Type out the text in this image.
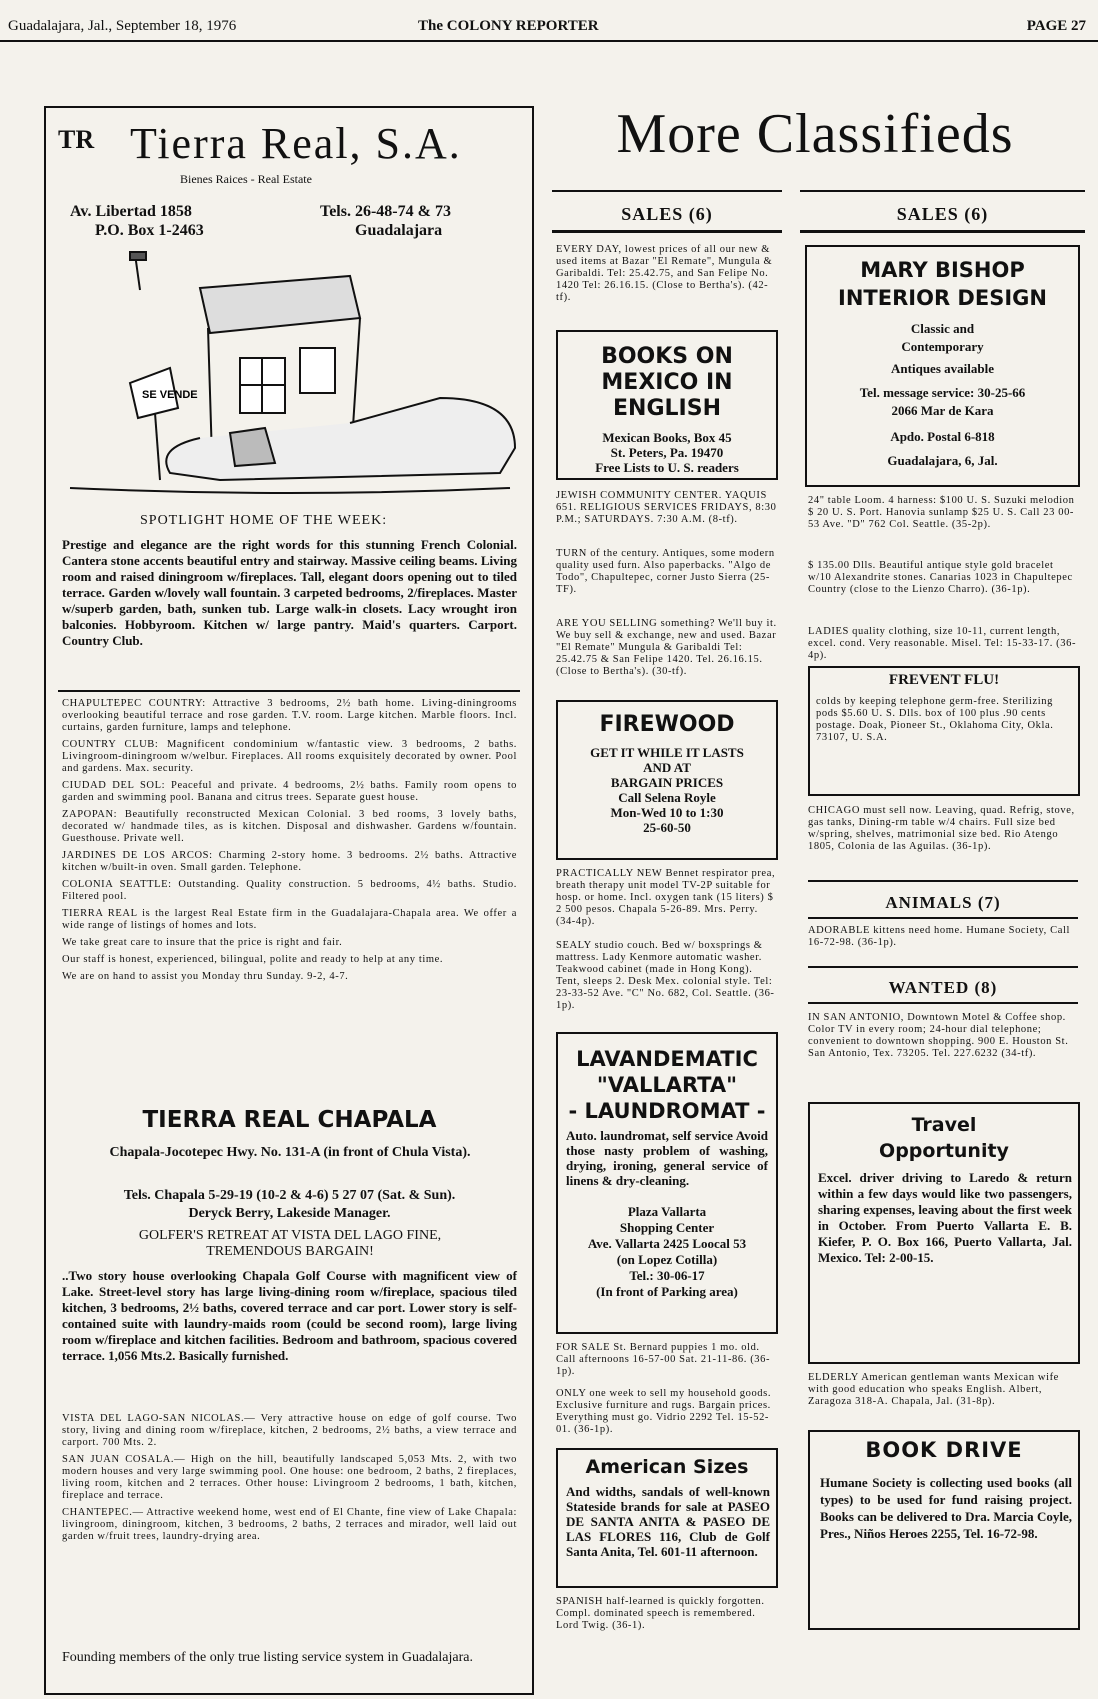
Guadalajara, Jal., September 18, 1976	The COLONY REPORTER	PAGE 27
TR Tierra Real, S.A.
Bienes Raices - Real Estate
Av. Libertad 1858
P.O. Box 1-2463
Tels. 26-48-74 & 73
Guadalajara
SE VENDE
SPOTLIGHT HOME OF THE WEEK:
Prestige and elegance are the right words for this stunning French Colonial. Cantera stone accents beautiful entry and stairway. Massive ceiling beams. Living room and raised diningroom w/fireplaces. Tall, elegant doors opening out to tiled terrace. Garden w/lovely wall fountain. 3 carpeted bedrooms, 2/fireplaces. Master w/superb garden, bath, sunken tub. Large walk-in closets. Lacy wrought iron balconies. Hobbyroom. Kitchen w/ large pantry. Maid's quarters. Carport. Country Club.

CHAPULTEPEC COUNTRY: Attractive 3 bedrooms, 2½ bath home. Living-diningrooms overlooking beautiful terrace and rose garden. T.V. room. Large kitchen. Marble floors. Incl. curtains, garden furniture, lamps and telephone.

COUNTRY CLUB: Magnificent condominium w/fantastic view. 3 bedrooms, 2 baths. Livingroom-diningroom w/welbur. Fireplaces. All rooms exquisitely decorated by owner. Pool and gardens. Max. security.

CIUDAD DEL SOL: Peaceful and private. 4 bedrooms, 2½ baths. Family room opens to garden and swimming pool. Banana and citrus trees. Separate guest house.

ZAPOPAN: Beautifully reconstructed Mexican Colonial. 3 bed rooms, 3 lovely baths, decorated w/ handmade tiles, as is kitchen. Disposal and dishwasher. Gardens w/fountain. Guesthouse. Private well.

JARDINES DE LOS ARCOS: Charming 2-story home. 3 bedrooms. 2½ baths. Attractive kitchen w/built-in oven. Small garden. Telephone.

COLONIA SEATTLE: Outstanding. Quality construction. 5 bedrooms, 4½ baths. Studio. Filtered pool.

TIERRA REAL is the largest Real Estate firm in the Guadalajara-Chapala area. We offer a wide range of listings of homes and lots.

We take great care to insure that the price is right and fair.

Our staff is honest, experienced, bilingual, polite and ready to help at any time.

We are on hand to assist you Monday thru Sunday. 9-2, 4-7.

TIERRA REAL CHAPALA
Chapala-Jocotepec Hwy. No. 131-A (in front of Chula Vista).
Tels. Chapala 5-29-19 (10-2 & 4-6) 5 27 07 (Sat. & Sun).
Deryck Berry, Lakeside Manager.
GOLFER'S RETREAT AT VISTA DEL LAGO FINE, TREMENDOUS BARGAIN!
..Two story house overlooking Chapala Golf Course with magnificent view of Lake. Street-level story has large living-dining room w/fireplace, spacious tiled kitchen, 3 bedrooms, 2½ baths, covered terrace and car port. Lower story is self-contained suite with laundry-maids room (could be second room), large living room w/fireplace and kitchen facilities. Bedroom and bathroom, spacious covered terrace. 1,056 Mts.2. Basically furnished.

VISTA DEL LAGO-SAN NICOLAS.— Very attractive house on edge of golf course. Two story, living and dining room w/fireplace, kitchen, 2 bedrooms, 2½ baths, a view terrace and carport. 700 Mts. 2.

SAN JUAN COSALA.— High on the hill, beautifully landscaped 5,053 Mts. 2, with two modern houses and very large swimming pool. One house: one bedroom, 2 baths, 2 fireplaces, living room, kitchen and 2 terraces. Other house: Livingroom 2 bedrooms, 1 bath, kitchen, fireplace and terrace.

CHANTEPEC.— Attractive weekend home, west end of El Chante, fine view of Lake Chapala: livingroom, diningroom, kitchen, 3 bedrooms, 2 baths, 2 terraces and mirador, well laid out garden w/fruit trees, laundry-drying area.

Founding members of the only true listing service system in Guadalajara.
More Classifieds
SALES (6)	SALES (6)
EVERY DAY, lowest prices of all our new & used items at Bazar "El Remate", Mungula & Garibaldi. Tel: 25.42.75, and San Felipe No. 1420 Tel: 26.16.15. (Close to Bertha's). (42-tf).
BOOKS ON MEXICO IN ENGLISH
Mexican Books, Box 45
St. Peters, Pa. 19470
Free Lists to U. S. readers
JEWISH COMMUNITY CENTER. YAQUIS 651. RELIGIOUS SERVICES FRIDAYS, 8:30 P.M.; SATURDAYS. 7:30 A.M. (8-tf).
TURN of the century. Antiques, some modern quality used furn. Also paperbacks. "Algo de Todo", Chapultepec, corner Justo Sierra (25-TF).
ARE YOU SELLING something? We'll buy it. We buy sell & exchange, new and used. Bazar "El Remate" Mungula & Garibaldi Tel: 25.42.75 & San Felipe 1420. Tel. 26.16.15. (Close to Bertha's). (30-tf).
FIREWOOD
GET IT WHILE IT LASTS
AND AT
BARGAIN PRICES
Call Selena Royle
Mon-Wed 10 to 1:30
25-60-50
PRACTICALLY NEW Bennet respirator prea, breath therapy unit model TV-2P suitable for hosp. or home. Incl. oxygen tank (15 liters) $ 2 500 pesos. Chapala 5-26-89. Mrs. Perry. (34-4p).
SEALY studio couch. Bed w/ boxsprings & mattress. Lady Kenmore automatic washer. Teakwood cabinet (made in Hong Kong). Tent, sleeps 2. Desk Mex. colonial style. Tel: 23-33-52 Ave. "C" No. 682, Col. Seattle. (36-1p).
LAVANDEMATIC
"VALLARTA"
- LAUNDROMAT -
Auto. laundromat, self service Avoid those nasty problem of washing, drying, ironing, general service of linens & dry-cleaning.
Plaza Vallarta
Shopping Center
Ave. Vallarta 2425 Loocal 53
(on Lopez Cotilla)
Tel.: 30-06-17
(In front of Parking area)
FOR SALE St. Bernard puppies 1 mo. old. Call afternoons 16-57-00 Sat. 21-11-86. (36-1p).
ONLY one week to sell my household goods. Exclusive furniture and rugs. Bargain prices. Everything must go. Vidrio 2292 Tel. 15-52-01. (36-1p).
American Sizes
And widths, sandals of well-known Stateside brands for sale at PASEO DE SANTA ANITA & PASEO DE LAS FLORES 116, Club de Golf Santa Anita, Tel. 601-11 afternoon.
SPANISH half-learned is quickly forgotten. Compl. dominated speech is remembered. Lord Twig. (36-1).
MARY BISHOP
INTERIOR DESIGN
Classic and
Contemporary
Antiques available
Tel. message service: 30-25-66
2066 Mar de Kara
Apdo. Postal 6-818
Guadalajara, 6, Jal.
24" table Loom. 4 harness: $100 U. S. Suzuki melodion $ 20 U. S. Port. Hanovia sunlamp $25 U. S. Call 23 00-53 Ave. "D" 762 Col. Seattle. (35-2p).
$ 135.00 Dlls. Beautiful antique style gold bracelet w/10 Alexandrite stones. Canarias 1023 in Chapultepec Country (close to the Lienzo Charro). (36-1p).
LADIES quality clothing, size 10-11, current length, excel. cond. Very reasonable. Misel. Tel: 15-33-17. (36-4p).
FREVENT FLU!
colds by keeping telephone germ-free. Sterilizing pods $5.60 U. S. Dlls. box of 100 plus .90 cents postage. Doak, Pioneer St., Oklahoma City, Okla. 73107, U. S.A.
CHICAGO must sell now. Leaving, quad. Refrig, stove, gas tanks, Dining-rm table w/4 chairs. Full size bed w/spring, shelves, matrimonial size bed. Rio Atengo 1805, Colonia de las Aguilas. (36-1p).
ANIMALS (7)
ADORABLE kittens need home. Humane Society, Call 16-72-98. (36-1p).
WANTED (8)
IN SAN ANTONIO, Downtown Motel & Coffee shop. Color TV in every room; 24-hour dial telephone; convenient to downtown shopping. 900 E. Houston St. San Antonio, Tex. 73205. Tel. 227.6232 (34-tf).
Travel
Opportunity
Excel. driver driving to Laredo & return within a few days would like two passengers, sharing expenses, leaving about the first week in October. From Puerto Vallarta E. B. Kiefer, P. O. Box 166, Puerto Vallarta, Jal. Mexico. Tel: 2-00-15.
ELDERLY American gentleman wants Mexican wife with good education who speaks English. Albert, Zaragoza 318-A. Chapala, Jal. (31-8p).
BOOK DRIVE
Humane Society is collecting used books (all types) to be used for fund raising project. Books can be delivered to Dra. Marcia Coyle, Pres., Niños Heroes 2255, Tel. 16-72-98.
